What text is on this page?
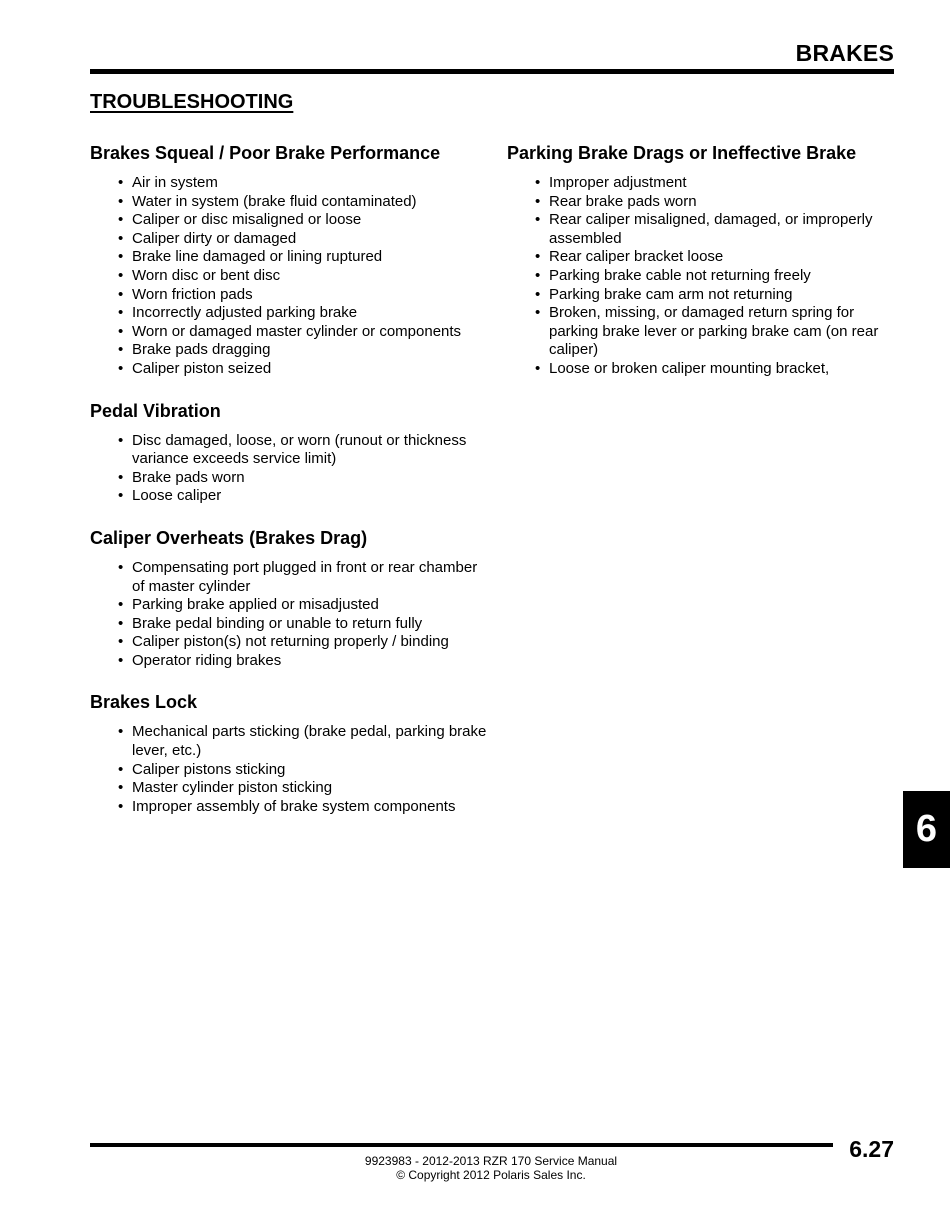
BRAKES
TROUBLESHOOTING
Brakes Squeal / Poor Brake Performance
• Air in system
• Water in system (brake fluid contaminated)
• Caliper or disc misaligned or loose
• Caliper dirty or damaged
• Brake line damaged or lining ruptured
• Worn disc or bent disc
• Worn friction pads
• Incorrectly adjusted parking brake
• Worn or damaged master cylinder or components
• Brake pads dragging
• Caliper piston seized
Pedal Vibration
• Disc damaged, loose, or worn (runout or thickness variance exceeds service limit)
• Brake pads worn
• Loose caliper
Caliper Overheats (Brakes Drag)
• Compensating port plugged in front or rear chamber of master cylinder
• Parking brake applied or misadjusted
• Brake pedal binding or unable to return fully
• Caliper piston(s) not returning properly / binding
• Operator riding brakes
Brakes Lock
• Mechanical parts sticking (brake pedal, parking brake lever, etc.)
• Caliper pistons sticking
• Master cylinder piston sticking
• Improper assembly of brake system components
Parking Brake Drags or Ineffective Brake
• Improper adjustment
• Rear brake pads worn
• Rear caliper misaligned, damaged, or improperly assembled
• Rear caliper bracket loose
• Parking brake cable not returning freely
• Parking brake cam arm not returning
• Broken, missing, or damaged return spring for parking brake lever or parking brake cam (on rear caliper)
• Loose or broken caliper mounting bracket,
6
6.27
9923983 - 2012-2013 RZR 170 Service Manual
© Copyright 2012 Polaris Sales Inc.
